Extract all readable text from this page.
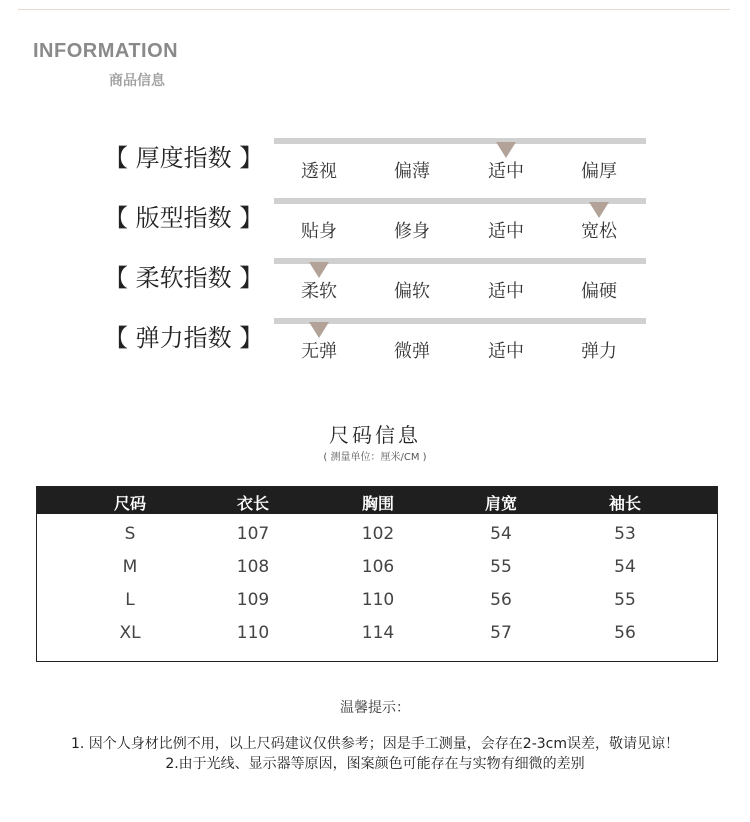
INFORMATION
商品信息
【 厚度指数 】	透视	偏薄	适中	偏厚
【 版型指数 】	贴身	修身	适中	宽松
【 柔软指数 】	柔软	偏软	适中	偏硬
【 弹力指数 】	无弹	微弹	适中	弹力
尺码信息
( 测量单位：厘米/CM )
尺码	衣长	胸围	肩宽	袖长
S	107	102	54	53
M	108	106	55	54
L	109	110	56	55
XL	110	114	57	56
温馨提示：
1. 因个人身材比例不用，以上尺码建议仅供参考；因是手工测量，会存在2-3cm误差，敬请见谅！
2.由于光线、显示器等原因，图案颜色可能存在与实物有细微的差别
